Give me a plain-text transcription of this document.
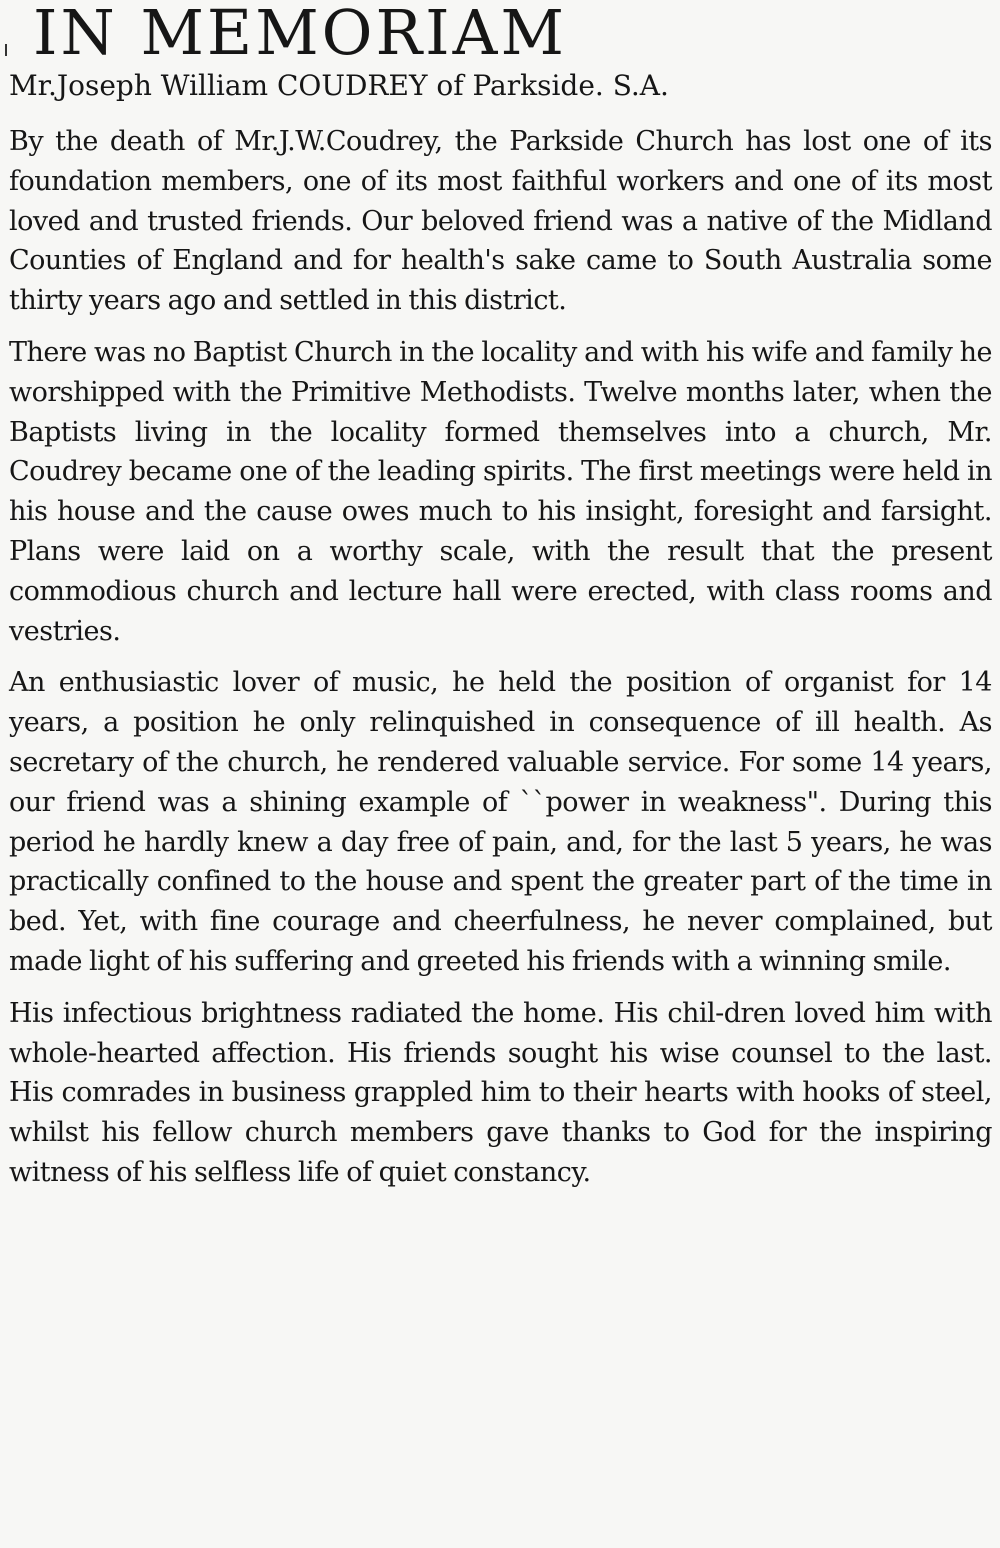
IN MEMORIAM
Mr.Joseph William COUDREY of Parkside. S.A.

By the death of Mr.J.W.Coudrey, the Parkside Church has lost one of its foundation members, one of its most faithful workers and one of its most loved and trusted friends. Our beloved friend was a native of the Midland Counties of England and for health's sake came to South Australia some thirty years ago and settled in this district.

There was no Baptist Church in the locality and with his wife and family he worshipped with the Primitive Methodists. Twelve months later, when the Baptists living in the locality formed themselves into a church, Mr. Coudrey became one of the leading spirits. The first meetings were held in his house and the cause owes much to his insight, foresight and farsight. Plans were laid on a worthy scale, with the result that the present commodious church and lecture hall were erected, with class rooms and vestries.

An enthusiastic lover of music, he held the position of organist for 14 years, a position he only relinquished in consequence of ill health. As secretary of the church, he rendered valuable service. For some 14 years, our friend was a shining example of ``power in weakness". During this period he hardly knew a day free of pain, and, for the last 5 years, he was practically confined to the house and spent the greater part of the time in bed. Yet, with fine courage and cheerfulness, he never complained, but made light of his suffering and greeted his friends with a winning smile.

His infectious brightness radiated the home. His chil-dren loved him with whole-hearted affection. His friends sought his wise counsel to the last. His comrades in business grappled him to their hearts with hooks of steel, whilst his fellow church members gave thanks to God for the inspiring witness of his selfless life of quiet constancy.
